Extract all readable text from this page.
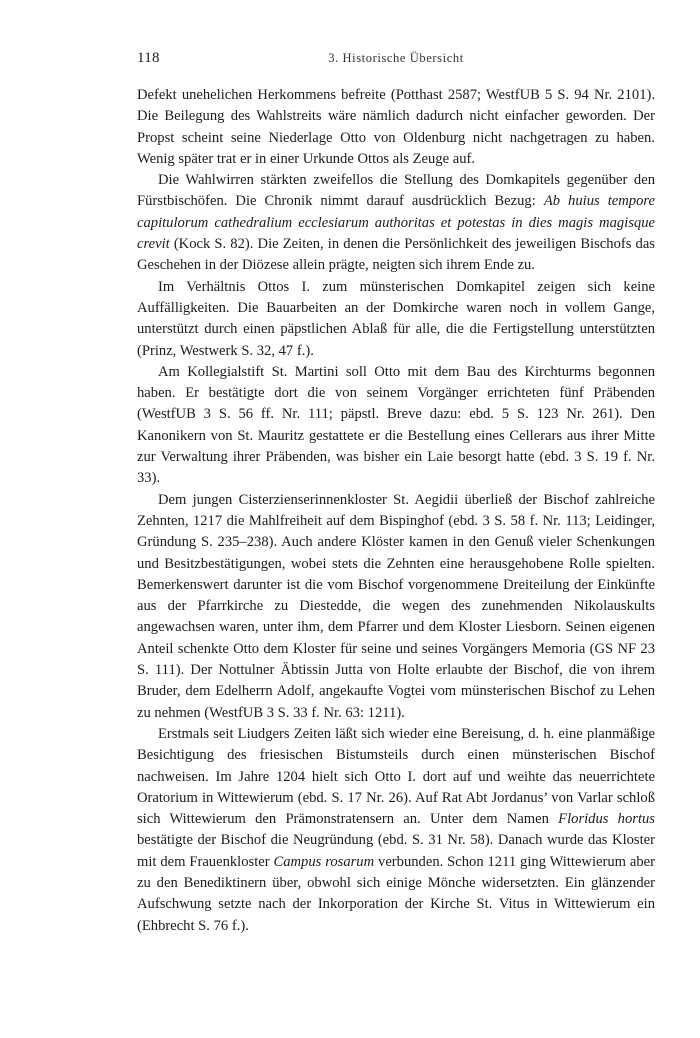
118	3. Historische Übersicht

Defekt unehelichen Herkommens befreite (Potthast 2587; WestfUB 5 S. 94 Nr. 2101). Die Beilegung des Wahlstreits wäre nämlich dadurch nicht einfacher geworden. Der Propst scheint seine Niederlage Otto von Oldenburg nicht nachgetragen zu haben. Wenig später trat er in einer Urkunde Ottos als Zeuge auf.

Die Wahlwirren stärkten zweifellos die Stellung des Domkapitels gegenüber den Fürstbischöfen. Die Chronik nimmt darauf ausdrücklich Bezug: Ab huius tempore capitulorum cathedralium ecclesiarum authoritas et potestas in dies magis magisque crevit (Kock S. 82). Die Zeiten, in denen die Persönlichkeit des jeweiligen Bischofs das Geschehen in der Diözese allein prägte, neigten sich ihrem Ende zu.

Im Verhältnis Ottos I. zum münsterischen Domkapitel zeigen sich keine Auffälligkeiten. Die Bauarbeiten an der Domkirche waren noch in vollem Gange, unterstützt durch einen päpstlichen Ablaß für alle, die die Fertigstellung unterstützten (Prinz, Westwerk S. 32, 47 f.).

Am Kollegialstift St. Martini soll Otto mit dem Bau des Kirchturms begonnen haben. Er bestätigte dort die von seinem Vorgänger errichteten fünf Präbenden (WestfUB 3 S. 56 ff. Nr. 111; päpstl. Breve dazu: ebd. 5 S. 123 Nr. 261). Den Kanonikern von St. Mauritz gestattete er die Bestellung eines Cellerars aus ihrer Mitte zur Verwaltung ihrer Präbenden, was bisher ein Laie besorgt hatte (ebd. 3 S. 19 f. Nr. 33).

Dem jungen Cisterzienserinnenkloster St. Aegidii überließ der Bischof zahlreiche Zehnten, 1217 die Mahlfreiheit auf dem Bispinghof (ebd. 3 S. 58 f. Nr. 113; Leidinger, Gründung S. 235–238). Auch andere Klöster kamen in den Genuß vieler Schenkungen und Besitzbestätigungen, wobei stets die Zehnten eine herausgehobene Rolle spielten. Bemerkenswert darunter ist die vom Bischof vorgenommene Dreiteilung der Einkünfte aus der Pfarrkirche zu Diestedde, die wegen des zunehmenden Nikolauskults angewachsen waren, unter ihm, dem Pfarrer und dem Kloster Liesborn. Seinen eigenen Anteil schenkte Otto dem Kloster für seine und seines Vorgängers Memoria (GS NF 23 S. 111). Der Nottulner Äbtissin Jutta von Holte erlaubte der Bischof, die von ihrem Bruder, dem Edelherrn Adolf, angekaufte Vogtei vom münsterischen Bischof zu Lehen zu nehmen (WestfUB 3 S. 33 f. Nr. 63: 1211).

Erstmals seit Liudgers Zeiten läßt sich wieder eine Bereisung, d. h. eine planmäßige Besichtigung des friesischen Bistumsteils durch einen münsterischen Bischof nachweisen. Im Jahre 1204 hielt sich Otto I. dort auf und weihte das neuerrichtete Oratorium in Wittewierum (ebd. S. 17 Nr. 26). Auf Rat Abt Jordanus’ von Varlar schloß sich Wittewierum den Prämonstratensern an. Unter dem Namen Floridus hortus bestätigte der Bischof die Neugründung (ebd. S. 31 Nr. 58). Danach wurde das Kloster mit dem Frauenkloster Campus rosarum verbunden. Schon 1211 ging Wittewierum aber zu den Benediktinern über, obwohl sich einige Mönche widersetzten. Ein glänzender Aufschwung setzte nach der Inkorporation der Kirche St. Vitus in Wittewierum ein (Ehbrecht S. 76 f.).
